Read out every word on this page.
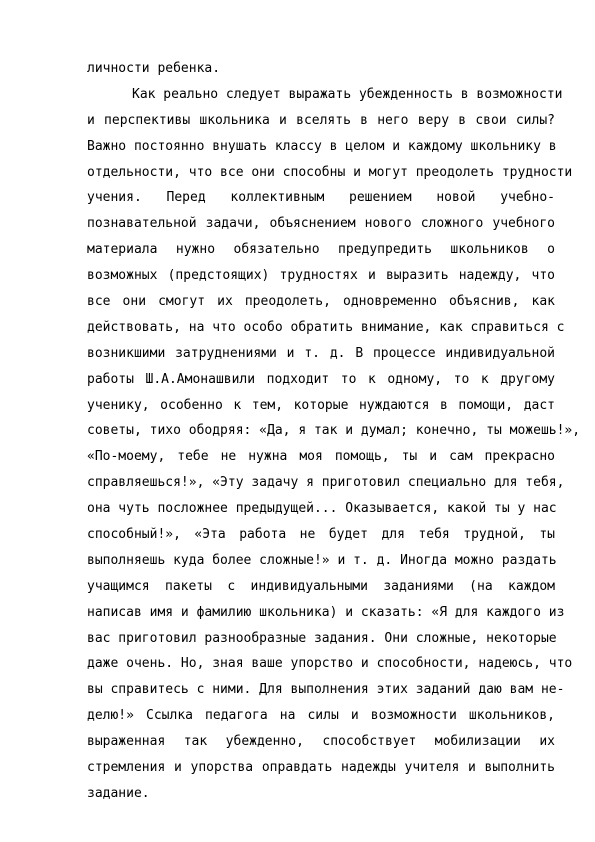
личности ребенка.
Как реально следует выражать убежденность в возможности
и перспективы школьника и вселять в него веру в свои силы?
Важно постоянно внушать классу в целом и каждому школьнику в
отдельности, что все они способны и могут преодолеть трудности
учения. Перед коллективным решением новой учебно-
познавательной задачи, объяснением нового сложного учебного
материала нужно обязательно предупредить школьников о
возможных (предстоящих) трудностях и выразить надежду, что
все они смогут их преодолеть, одновременно объяснив, как
действовать, на что особо обратить внимание, как справиться с
возникшими затруднениями и т. д. В процессе индивидуальной
работы Ш.А.Амонашвили подходит то к одному, то к другому
ученику, особенно к тем, которые нуждаются в помощи, даст
советы, тихо ободряя: «Да, я так и думал; конечно, ты можешь!»,
«По-моему, тебе не нужна моя помощь, ты и сам прекрасно
справляешься!», «Эту задачу я приготовил специально для тебя,
она чуть посложнее предыдущей... Оказывается, какой ты у нас
способный!», «Эта работа не будет для тебя трудной, ты
выполняешь куда более сложные!» и т. д. Иногда можно раздать
учащимся пакеты с индивидуальными заданиями (на каждом
написав имя и фамилию школьника) и сказать: «Я для каждого из
вас приготовил разнообразные задания. Они сложные, некоторые
даже очень. Но, зная ваше упорство и способности, надеюсь, что
вы справитесь с ними. Для выполнения этих заданий даю вам не-
делю!» Ссылка педагога на силы и возможности школьников,
выраженная так убежденно, способствует мобилизации их
стремления и упорства оправдать надежды учителя и выполнить
задание.
